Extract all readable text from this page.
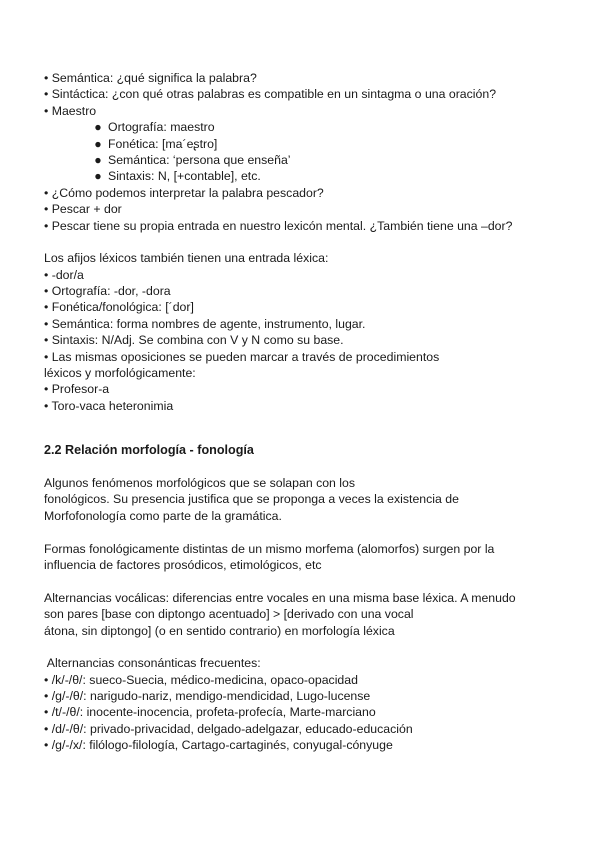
• Semántica: ¿qué significa la palabra?
• Sintáctica: ¿con qué otras palabras es compatible en un sintagma o una oración?
• Maestro
● Ortografía: maestro
● Fonética: [ma´eʂtro]
● Semántica: ‘persona que enseña’
● Sintaxis: N, [+contable], etc.
• ¿Cómo podemos interpretar la palabra pescador?
• Pescar + dor
• Pescar tiene su propia entrada en nuestro lexicón mental. ¿También tiene una –dor?
Los afijos léxicos también tienen una entrada léxica:
• -dor/a
• Ortografía: -dor, -dora
• Fonética/fonológica: [´dor]
• Semántica: forma nombres de agente, instrumento, lugar.
• Sintaxis: N/Adj. Se combina con V y N como su base.
• Las mismas oposiciones se pueden marcar a través de procedimientos
léxicos y morfológicamente:
• Profesor-a
• Toro-vaca heteronimia
2.2 Relación morfología - fonología
Algunos fenómenos morfológicos que se solapan con los
fonológicos. Su presencia justifica que se proponga a veces la existencia de
Morfofonología como parte de la gramática.
Formas fonológicamente distintas de un mismo morfema (alomorfos) surgen por la
influencia de factores prosódicos, etimológicos, etc
Alternancias vocálicas: diferencias entre vocales en una misma base léxica. A menudo
son pares [base con diptongo acentuado] > [derivado con una vocal
átona, sin diptongo] (o en sentido contrario) en morfología léxica
Alternancias consonánticas frecuentes:
• /k/-/θ/: sueco-Suecia, médico-medicina, opaco-opacidad
• /g/-/θ/: narigudo-nariz, mendigo-mendicidad, Lugo-lucense
• /t/-/θ/: inocente-inocencia, profeta-profecía, Marte-marciano
• /d/-/θ/: privado-privacidad, delgado-adelgazar, educado-educación
• /g/-/x/: filólogo-filología, Cartago-cartaginés, conyugal-cónyuge
